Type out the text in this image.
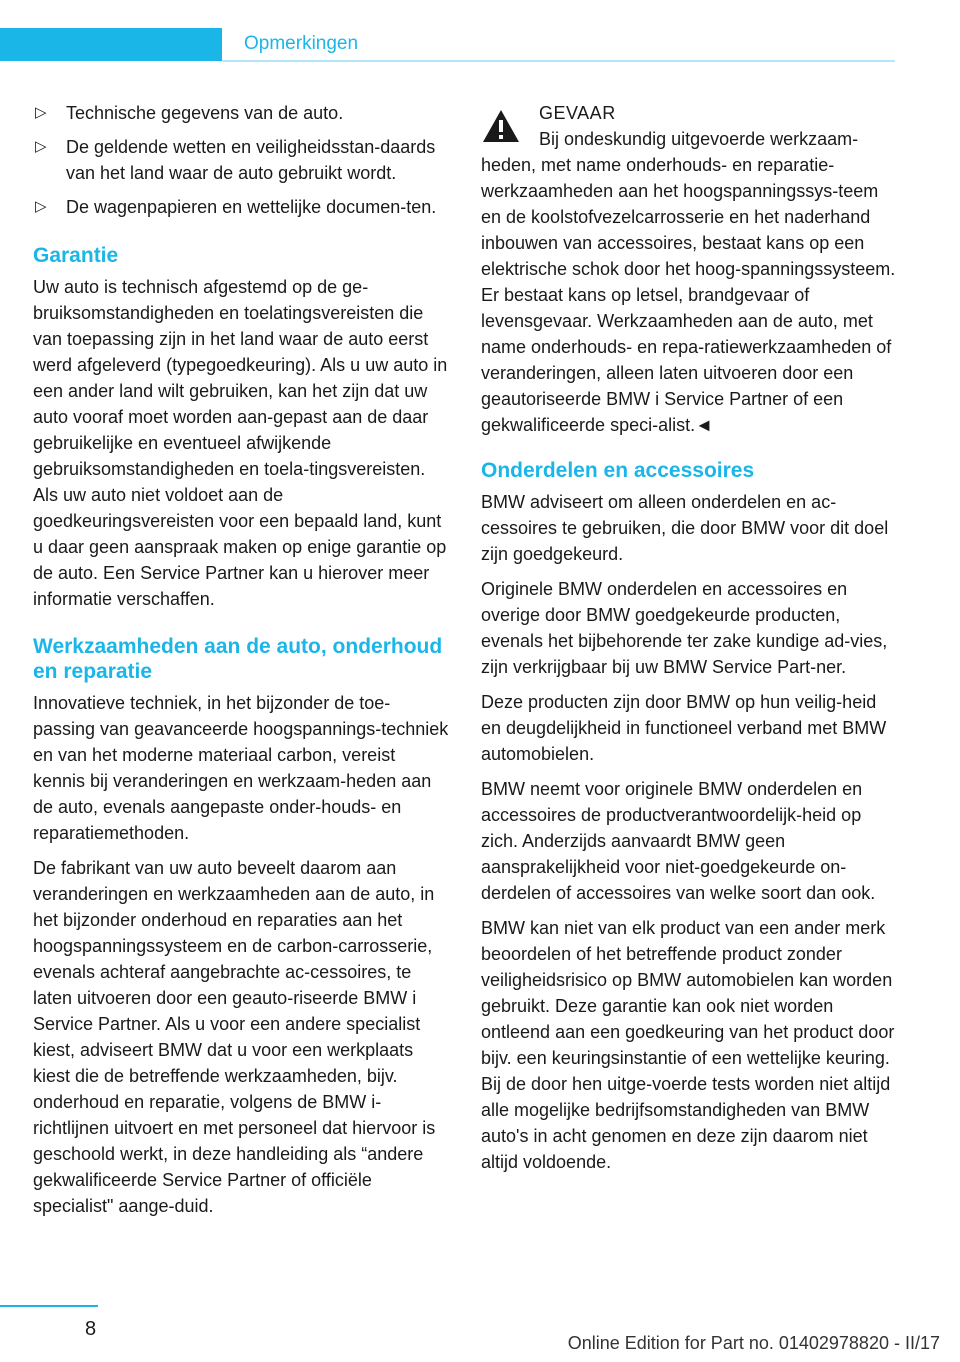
Opmerkingen
▷ Technische gegevens van de auto.
▷ De geldende wetten en veiligheidsstan-daards van het land waar de auto gebruikt wordt.
▷ De wagenpapieren en wettelijke documen-ten.
Garantie

Uw auto is technisch afgestemd op de ge-bruiksomstandigheden en toelatingsvereisten die van toepassing zijn in het land waar de auto eerst werd afgeleverd (typegoedkeuring). Als u uw auto in een ander land wilt gebruiken, kan het zijn dat uw auto vooraf moet worden aan-gepast aan de daar gebruikelijke en eventueel afwijkende gebruiksomstandigheden en toela-tingsvereisten. Als uw auto niet voldoet aan de goedkeuringsvereisten voor een bepaald land, kunt u daar geen aanspraak maken op enige garantie op de auto. Een Service Partner kan u hierover meer informatie verschaffen.

Werkzaamheden aan de auto, onderhoud en reparatie

Innovatieve techniek, in het bijzonder de toe-passing van geavanceerde hoogspannings-techniek en van het moderne materiaal carbon, vereist kennis bij veranderingen en werkzaam-heden aan de auto, evenals aangepaste onder-houds- en reparatiemethoden.

De fabrikant van uw auto beveelt daarom aan veranderingen en werkzaamheden aan de auto, in het bijzonder onderhoud en reparaties aan het hoogspanningssysteem en de carbon-carrosserie, evenals achteraf aangebrachte ac-cessoires, te laten uitvoeren door een geauto-riseerde BMW i Service Partner. Als u voor een andere specialist kiest, adviseert BMW dat u voor een werkplaats kiest die de betreffende werkzaamheden, bijv. onderhoud en reparatie, volgens de BMW i-richtlijnen uitvoert en met personeel dat hiervoor is geschoold werkt, in deze handleiding als “andere gekwalificeerde Service Partner of officiële specialist" aange-duid.

GEVAAR

Bij ondeskundig uitgevoerde werkzaam-heden, met name onderhouds- en reparatie-werkzaamheden aan het hoogspanningssys-teem en de koolstofvezelcarrosserie en het naderhand inbouwen van accessoires, bestaat kans op een elektrische schok door het hoog-spanningssysteem. Er bestaat kans op letsel, brandgevaar of levensgevaar. Werkzaamheden aan de auto, met name onderhouds- en repa-ratiewerkzaamheden of veranderingen, alleen laten uitvoeren door een geautoriseerde BMW i Service Partner of een gekwalificeerde speci-alist.◄

Onderdelen en accessoires

BMW adviseert om alleen onderdelen en ac-cessoires te gebruiken, die door BMW voor dit doel zijn goedgekeurd.

Originele BMW onderdelen en accessoires en overige door BMW goedgekeurde producten, evenals het bijbehorende ter zake kundige ad-vies, zijn verkrijgbaar bij uw BMW Service Part-ner.

Deze producten zijn door BMW op hun veilig-heid en deugdelijkheid in functioneel verband met BMW automobielen.

BMW neemt voor originele BMW onderdelen en accessoires de productverantwoordelijk-heid op zich. Anderzijds aanvaardt BMW geen aansprakelijkheid voor niet-goedgekeurde on-derdelen of accessoires van welke soort dan ook.

BMW kan niet van elk product van een ander merk beoordelen of het betreffende product zonder veiligheidsrisico op BMW automobielen kan worden gebruikt. Deze garantie kan ook niet worden ontleend aan een goedkeuring van het product door bijv. een keuringsinstantie of een wettelijke keuring. Bij de door hen uitge-voerde tests worden niet altijd alle mogelijke bedrijfsomstandigheden van BMW auto's in acht genomen en deze zijn daarom niet altijd voldoende.

8
Online Edition for Part no. 01402978820 - II/17
